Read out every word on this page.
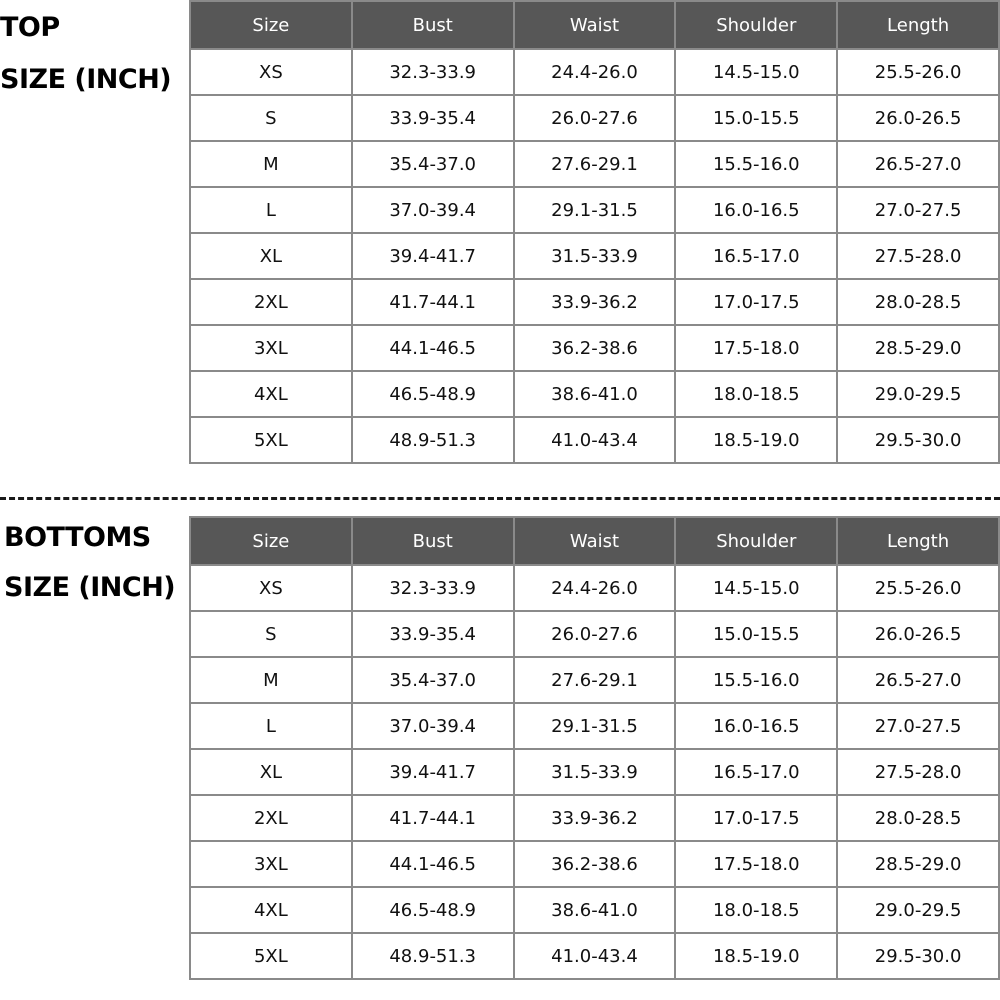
TOP
SIZE (INCH)
Size	Bust	Waist	Shoulder	Length
XS	32.3-33.9	24.4-26.0	14.5-15.0	25.5-26.0
S	33.9-35.4	26.0-27.6	15.0-15.5	26.0-26.5
M	35.4-37.0	27.6-29.1	15.5-16.0	26.5-27.0
L	37.0-39.4	29.1-31.5	16.0-16.5	27.0-27.5
XL	39.4-41.7	31.5-33.9	16.5-17.0	27.5-28.0
2XL	41.7-44.1	33.9-36.2	17.0-17.5	28.0-28.5
3XL	44.1-46.5	36.2-38.6	17.5-18.0	28.5-29.0
4XL	46.5-48.9	38.6-41.0	18.0-18.5	29.0-29.5
5XL	48.9-51.3	41.0-43.4	18.5-19.0	29.5-30.0
BOTTOMS
SIZE (INCH)
Size	Bust	Waist	Shoulder	Length
XS	32.3-33.9	24.4-26.0	14.5-15.0	25.5-26.0
S	33.9-35.4	26.0-27.6	15.0-15.5	26.0-26.5
M	35.4-37.0	27.6-29.1	15.5-16.0	26.5-27.0
L	37.0-39.4	29.1-31.5	16.0-16.5	27.0-27.5
XL	39.4-41.7	31.5-33.9	16.5-17.0	27.5-28.0
2XL	41.7-44.1	33.9-36.2	17.0-17.5	28.0-28.5
3XL	44.1-46.5	36.2-38.6	17.5-18.0	28.5-29.0
4XL	46.5-48.9	38.6-41.0	18.0-18.5	29.0-29.5
5XL	48.9-51.3	41.0-43.4	18.5-19.0	29.5-30.0
